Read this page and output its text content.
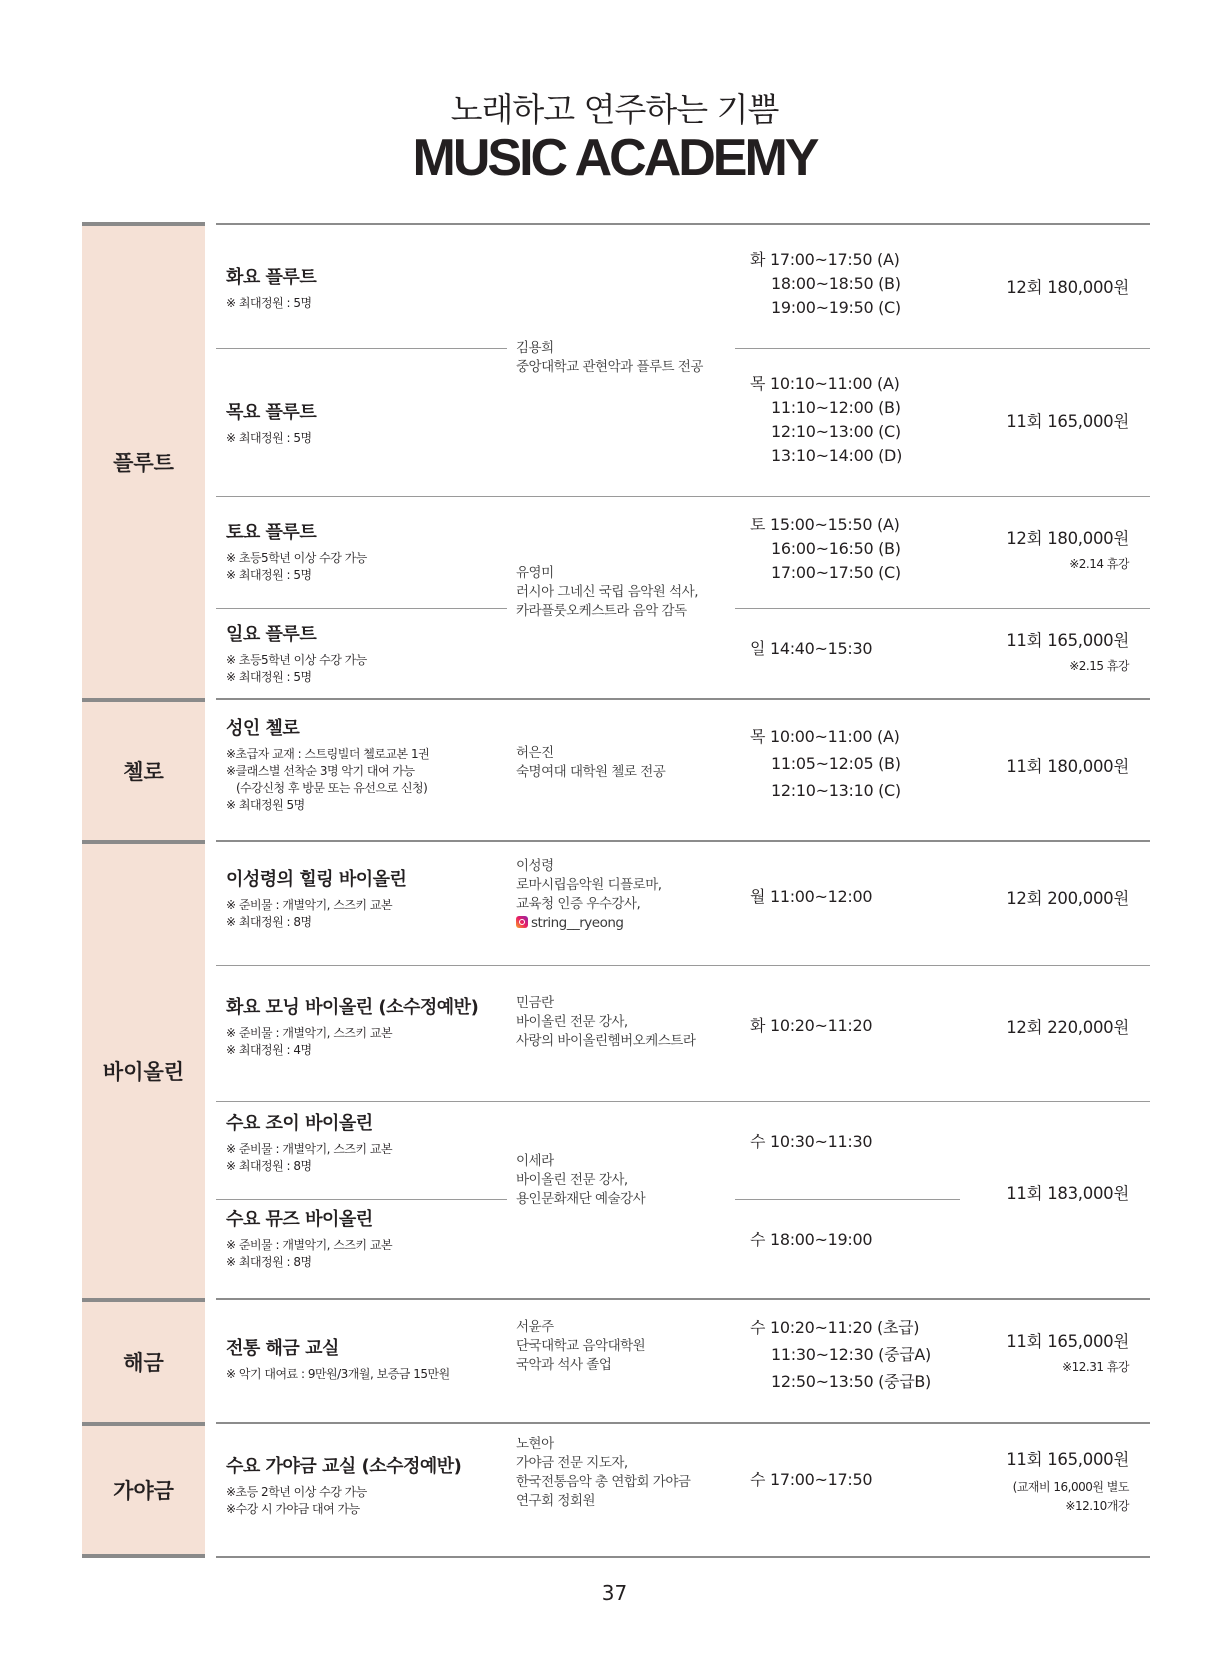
노래하고 연주하는 기쁨
MUSIC ACADEMY
플루트
첼로
바이올린
해금
가야금
화요 플루트
※ 최대정원 : 5명
목요 플루트
※ 최대정원 : 5명
토요 플루트
※ 초등5학년 이상 수강 가능
※ 최대정원 : 5명
일요 플루트
※ 초등5학년 이상 수강 가능
※ 최대정원 : 5명
성인 첼로
※초급자 교재 : 스트링빌더 첼로교본 1권
※클래스별 선착순 3명 악기 대여 가능
(수강신청 후 방문 또는 유선으로 신청)
※ 최대정원 5명
이성령의 힐링 바이올린
※ 준비물 : 개별악기, 스즈키 교본
※ 최대정원 : 8명
화요 모닝 바이올린 (소수정예반)
※ 준비물 : 개별악기, 스즈키 교본
※ 최대정원 : 4명
수요 조이 바이올린
※ 준비물 : 개별악기, 스즈키 교본
※ 최대정원 : 8명
수요 뮤즈 바이올린
※ 준비물 : 개별악기, 스즈키 교본
※ 최대정원 : 8명
전통 해금 교실
※ 악기 대여료 : 9만원/3개월, 보증금 15만원
수요 가야금 교실 (소수정예반)
※초등 2학년 이상 수강 가능
※수강 시 가야금 대여 가능
김용희
중앙대학교 관현악과 플루트 전공
유영미
러시아 그네신 국립 음악원 석사,
카라플룻오케스트라 음악 감독
허은진
숙명여대 대학원 첼로 전공
이성령
로마시립음악원 디플로마,
교육청 인증 우수강사,
string__ryeong
민금란
바이올린 전문 강사,
사랑의 바이올린헴버오케스트라
이세라
바이올린 전문 강사,
용인문화재단 예술강사
서윤주
단국대학교 음악대학원
국악과 석사 졸업
노현아
가야금 전문 지도자,
한국전통음악 총 연합회 가야금
연구회 정회원
화 17:00~17:50 (A)
18:00~18:50 (B)
19:00~19:50 (C)
목 10:10~11:00 (A)
11:10~12:00 (B)
12:10~13:00 (C)
13:10~14:00 (D)
토 15:00~15:50 (A)
16:00~16:50 (B)
17:00~17:50 (C)
일 14:40~15:30
목 10:00~11:00 (A)
11:05~12:05 (B)
12:10~13:10 (C)
월 11:00~12:00
화 10:20~11:20
수 10:30~11:30
수 18:00~19:00
수 10:20~11:20 (초급)
11:30~12:30 (중급A)
12:50~13:50 (중급B)
수 17:00~17:50
12회 180,000원
11회 165,000원
12회 180,000원
※2.14 휴강
11회 165,000원
※2.15 휴강
11회 180,000원
12회 200,000원
12회 220,000원
11회 183,000원
11회 165,000원
※12.31 휴강
11회 165,000원
(교재비 16,000원 별도
※12.10개강
37
